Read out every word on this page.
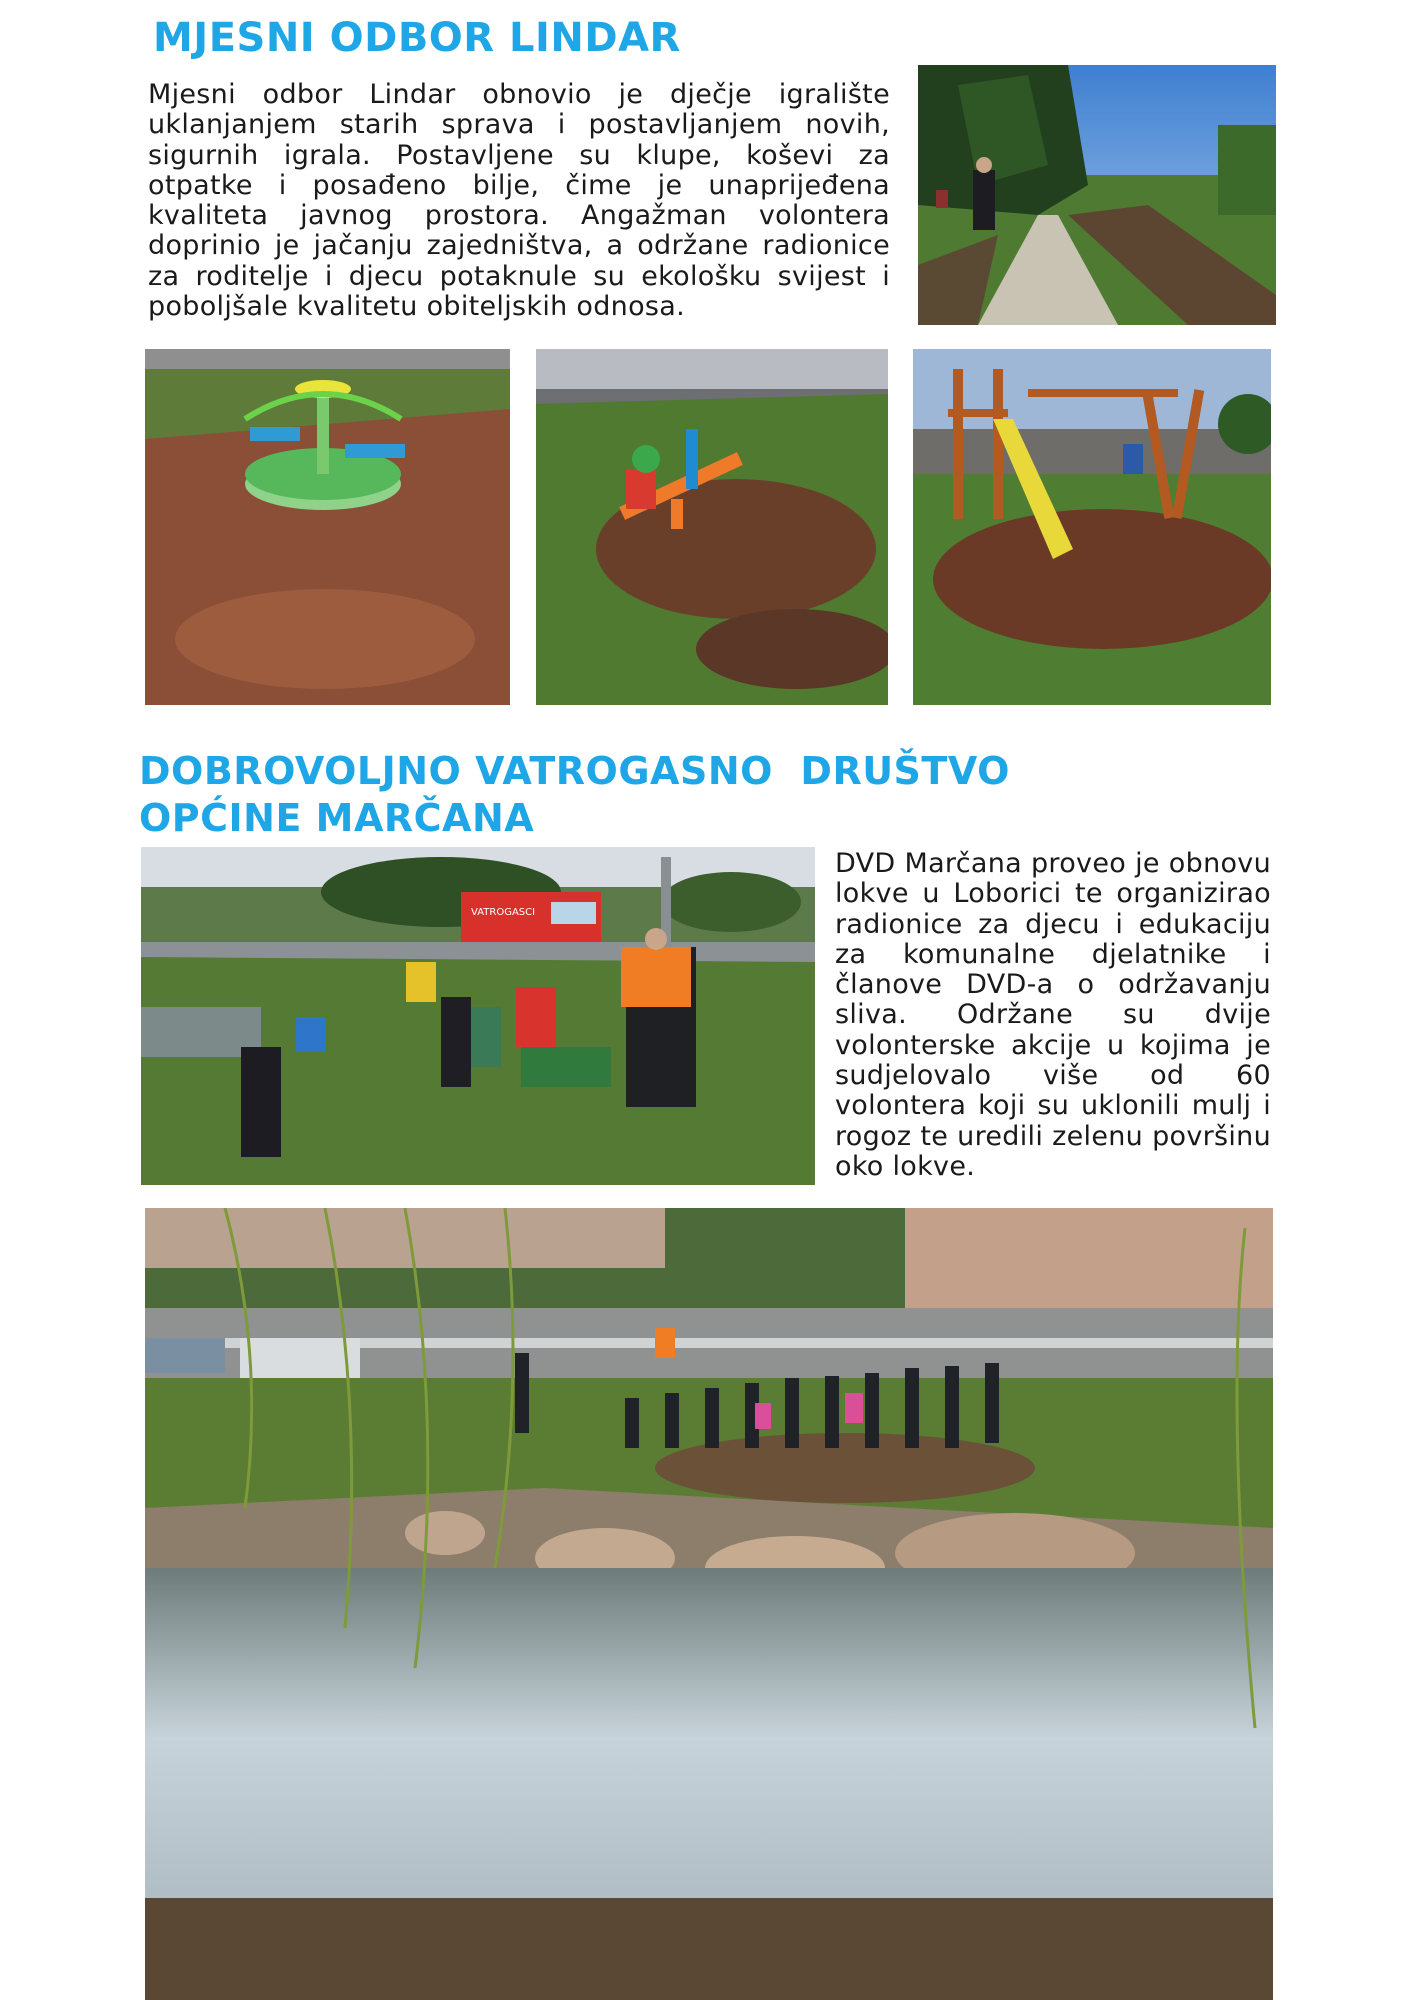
MJESNI ODBOR LINDAR

Mjesni odbor Lindar obnovio je dječje igralište uklanjanjem starih sprava i postavljanjem novih, sigurnih igrala. Postavljene su klupe, koševi za otpatke i posađeno bilje, čime je unaprijeđena kvaliteta javnog prostora. Angažman volontera doprinio je jačanju zajedništva, a održane radionice za roditelje i djecu potaknule su ekološku svijest i poboljšale kvalitetu obiteljskih odnosa.

DOBROVOLJNO VATROGASNO  DRUŠTVO
OPĆINE MARČANA
VATROGASCI

DVD Marčana proveo je obnovu lokve u Loborici te organizirao radionice za djecu i edukaciju za komunalne djelatnike i članove DVD-a o održavanju sliva. Održane su dvije volonterske akcije u kojima je sudjelovalo više od 60 volontera koji su uklonili mulj i rogoz te uredili zelenu površinu oko lokve.
